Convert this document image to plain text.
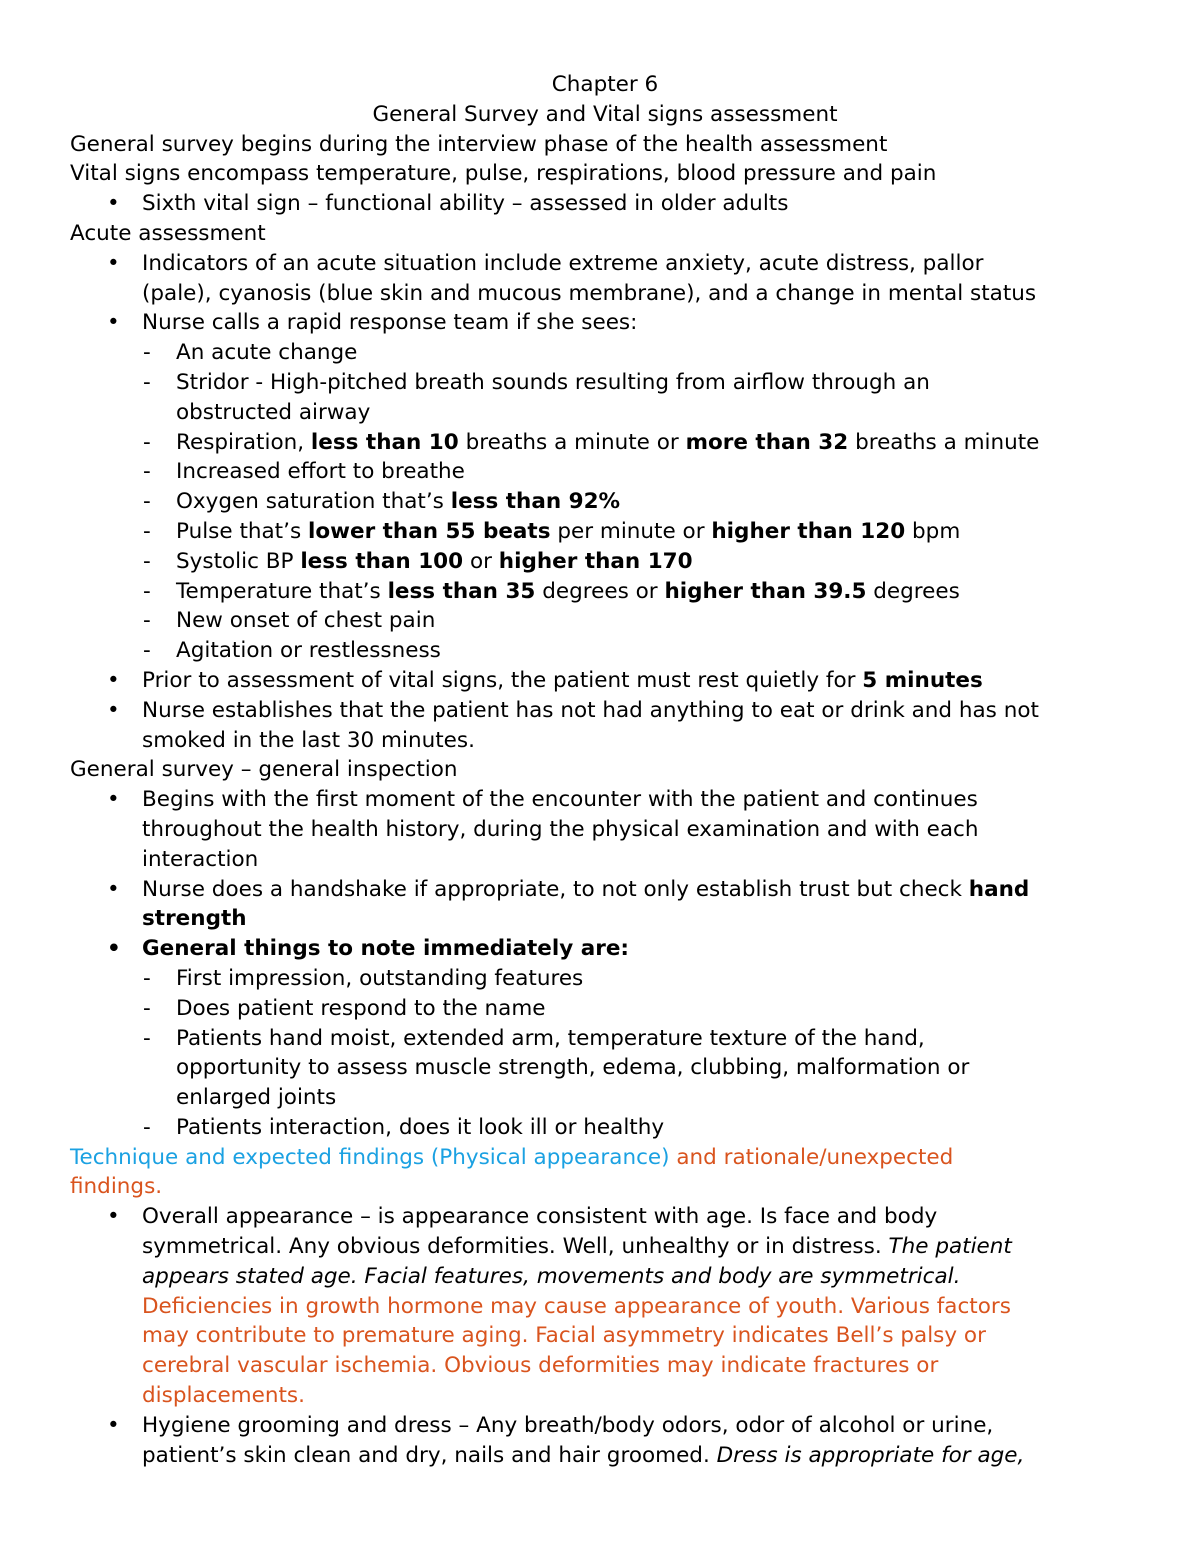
Chapter 6
General Survey and Vital signs assessment
General survey begins during the interview phase of the health assessment
Vital signs encompass temperature, pulse, respirations, blood pressure and pain
• Sixth vital sign – functional ability – assessed in older adults
Acute assessment
• Indicators of an acute situation include extreme anxiety, acute distress, pallor
(pale), cyanosis (blue skin and mucous membrane), and a change in mental status
• Nurse calls a rapid response team if she sees:
- An acute change
- Stridor - High-pitched breath sounds resulting from airflow through an
obstructed airway
- Respiration, less than 10 breaths a minute or more than 32 breaths a minute
- Increased effort to breathe
- Oxygen saturation that’s less than 92%
- Pulse that’s lower than 55 beats per minute or higher than 120 bpm
- Systolic BP less than 100 or higher than 170
- Temperature that’s less than 35 degrees or higher than 39.5 degrees
- New onset of chest pain
- Agitation or restlessness
• Prior to assessment of vital signs, the patient must rest quietly for 5 minutes
• Nurse establishes that the patient has not had anything to eat or drink and has not
smoked in the last 30 minutes.
General survey – general inspection
• Begins with the first moment of the encounter with the patient and continues
throughout the health history, during the physical examination and with each
interaction
• Nurse does a handshake if appropriate, to not only establish trust but check hand
strength
• General things to note immediately are:
- First impression, outstanding features
- Does patient respond to the name
- Patients hand moist, extended arm, temperature texture of the hand,
opportunity to assess muscle strength, edema, clubbing, malformation or
enlarged joints
- Patients interaction, does it look ill or healthy
Technique and expected findings (Physical appearance) and rationale/unexpected
findings.
• Overall appearance – is appearance consistent with age. Is face and body
symmetrical. Any obvious deformities. Well, unhealthy or in distress. The patient
appears stated age. Facial features, movements and body are symmetrical.
Deficiencies in growth hormone may cause appearance of youth. Various factors
may contribute to premature aging. Facial asymmetry indicates Bell’s palsy or
cerebral vascular ischemia. Obvious deformities may indicate fractures or
displacements.
• Hygiene grooming and dress – Any breath/body odors, odor of alcohol or urine,
patient’s skin clean and dry, nails and hair groomed. Dress is appropriate for age,
